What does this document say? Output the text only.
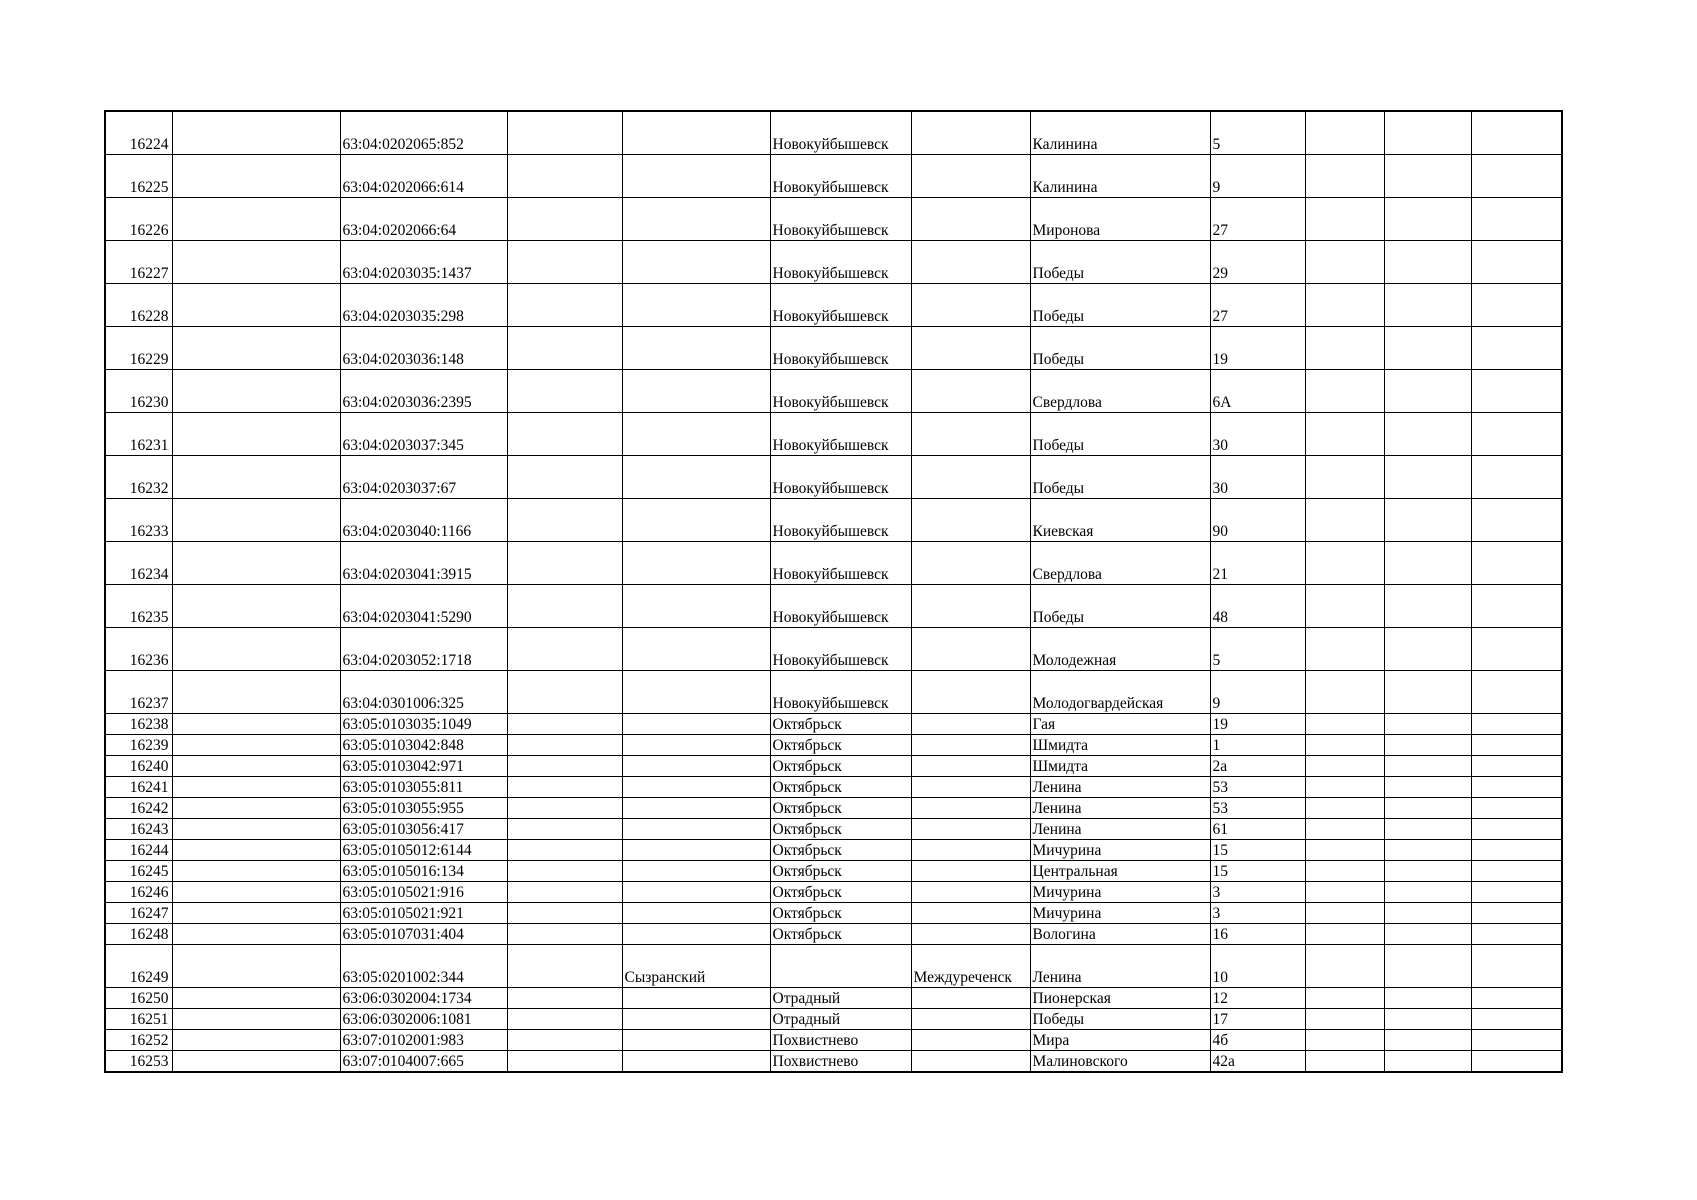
16224		63:04:0202065:852			Новокуйбышевск		Калинина	5			
16225		63:04:0202066:614			Новокуйбышевск		Калинина	9			
16226		63:04:0202066:64			Новокуйбышевск		Миронова	27			
16227		63:04:0203035:1437			Новокуйбышевск		Победы	29			
16228		63:04:0203035:298			Новокуйбышевск		Победы	27			
16229		63:04:0203036:148			Новокуйбышевск		Победы	19			
16230		63:04:0203036:2395			Новокуйбышевск		Свердлова	6А			
16231		63:04:0203037:345			Новокуйбышевск		Победы	30			
16232		63:04:0203037:67			Новокуйбышевск		Победы	30			
16233		63:04:0203040:1166			Новокуйбышевск		Киевская	90			
16234		63:04:0203041:3915			Новокуйбышевск		Свердлова	21			
16235		63:04:0203041:5290			Новокуйбышевск		Победы	48			
16236		63:04:0203052:1718			Новокуйбышевск		Молодежная	5			
16237		63:04:0301006:325			Новокуйбышевск		Молодогвардейская	9			
16238		63:05:0103035:1049			Октябрьск		Гая	19			
16239		63:05:0103042:848			Октябрьск		Шмидта	1			
16240		63:05:0103042:971			Октябрьск		Шмидта	2а			
16241		63:05:0103055:811			Октябрьск		Ленина	53			
16242		63:05:0103055:955			Октябрьск		Ленина	53			
16243		63:05:0103056:417			Октябрьск		Ленина	61			
16244		63:05:0105012:6144			Октябрьск		Мичурина	15			
16245		63:05:0105016:134			Октябрьск		Центральная	15			
16246		63:05:0105021:916			Октябрьск		Мичурина	3			
16247		63:05:0105021:921			Октябрьск		Мичурина	3			
16248		63:05:0107031:404			Октябрьск		Вологина	16			
16249		63:05:0201002:344		Сызранский		Междуреченск	Ленина	10			
16250		63:06:0302004:1734			Отрадный		Пионерская	12			
16251		63:06:0302006:1081			Отрадный		Победы	17			
16252		63:07:0102001:983			Похвистнево		Мира	4б			
16253		63:07:0104007:665			Похвистнево		Малиновского	42а			
